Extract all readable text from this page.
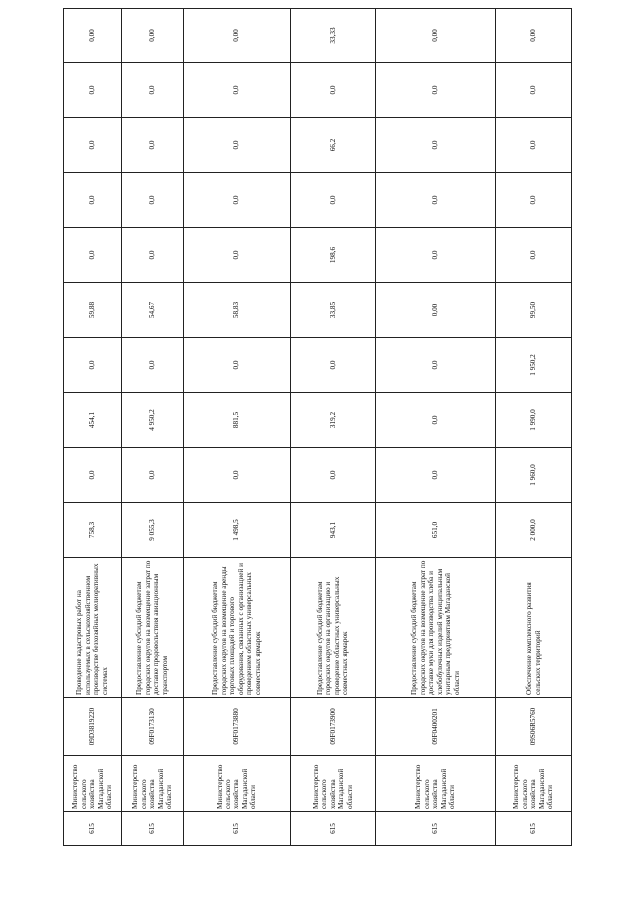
615	Министерство сельского хозяйства Магаданской области	09D3819220	Проведение кадастровых работ на используемых в сельскохозяйственном производстве безхозяйных мелиоративных системах	758,3	0,0	454,1	0,0	59,88	0,0	0,0	0,0	0,0	0,00
615	Министерство сельского хозяйства Магаданской области	09F0173130	Предоставление субсидий бюджетам городских округов на возмещение затрат по доставке продовольствия авиационным транспортом	9 055,3	0,0	4 950,2	0,0	54,67	0,0	0,0	0,0	0,0	0,00
615	Министерство сельского хозяйства Магаданской области	09F0173880	Предоставление субсидий бюджетам городских округов на возмещение аренды торговых площадей и торгового оборудования, связанных с организацией и проведением областных универсальных совместных ярмарок	1 498,5	0,0	881,5	0,0	58,83	0,0	0,0	0,0	0,0	0,00
615	Министерство сельского хозяйства Магаданской области	09F0173900	Предоставление субсидий бюджетам городских округов на организацию и проведение областных универсальных совместных ярмарок	943,1	0,0	319,2	0,0	33,85	198,6	0,0	66,2	0,0	33,33
615	Министерство сельского хозяйства Магаданской области	09F0400201	Предоставление субсидий бюджетам городских округов на возмещение затрат по доставке муки для производства хлеба и хлебобулочных изделий муниципальным унитарным предприятиям Магаданской области	651,0	0,0	0,0	0,0	0,00	0,0	0,0	0,0	0,0	0,00
615	Министерство сельского хозяйства Магаданской области	09S06R5760	Обеспечение комплексного развития сельских территорий	2 000,0	1 960,0	1 990,0	1 950,2	99,50	0,0	0,0	0,0	0,0	0,00
